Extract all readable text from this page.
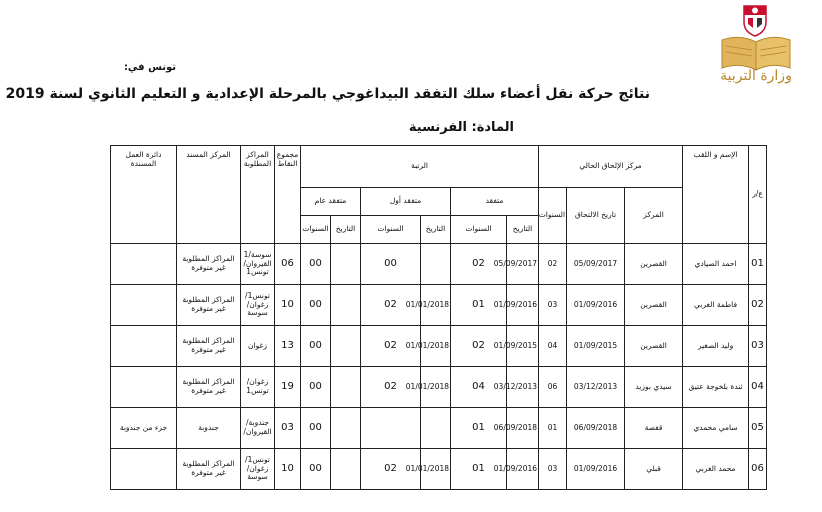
وزارة التربية
تونس في:
نتائج حركة نقل أعضاء سلك التفقد البيداغوجي بالمرحلة الإعدادية و التعليم الثانوي لسنة 2019
المادة: الفرنسية
ع/ر	الإسم و اللقب	مركز الإلحاق الحالي			الرتبة						مجموع النقاط	المراكز المطلوبة	المركز المسند	دائرة العمل المسندة
		المركز	تاريخ الالتحاق	السنوات	متفقد		متفقد أول		متفقد عام					
					التاريخ	السنوات	التاريخ	السنوات	التاريخ	السنوات				
01	احمد الصيادي	القصرين	05/09/2017	02	05/09/2017	02		00		00	06	سوسة/1 القيروان/ تونس1	المراكز المطلوبة غير متوفرة	
02	فاطمة الغربي	القصرين	01/09/2016	03	01/09/2016	01	01/01/2018	02		00	10	تونس1/ زغوان/ سوسة	المراكز المطلوبة غير متوفرة	
03	وليد الصغير	القصرين	01/09/2015	04	01/09/2015	02	01/01/2018	02		00	13	زغوان	المراكز المطلوبة غير متوفرة	
04	ثندة بلخوجة عتيق	سيدي بوزيد	03/12/2013	06	03/12/2013	04	01/01/2018	02		00	19	زغوان/ تونس1	المراكز المطلوبة غير متوفرة	
05	سامي محمدي	قفصة	06/09/2018	01	06/09/2018	01				00	03	جندوبة/ القيروان/	جندوبة	جزء من جندوبة
06	محمد الغربي	قبلي	01/09/2016	03	01/09/2016	01	01/01/2018	02		00	10	تونس1/ زغوان/ سوسة	المراكز المطلوبة غير متوفرة	
